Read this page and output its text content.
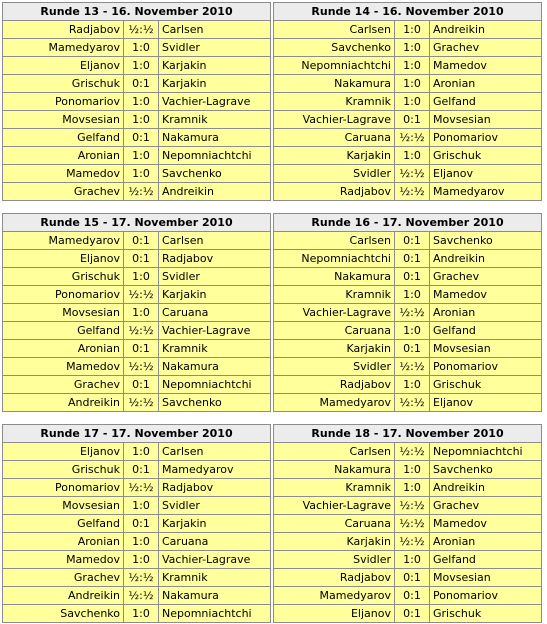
Runde 13 - 16. November 2010		
Radjabov	½:½	Carlsen
Mamedyarov	1:0	Svidler
Eljanov	1:0	Karjakin
Grischuk	0:1	Karjakin
Ponomariov	1:0	Vachier-Lagrave
Movsesian	1:0	Kramnik
Gelfand	0:1	Nakamura
Aronian	1:0	Nepomniachtchi
Mamedov	1:0	Savchenko
Grachev	½:½	Andreikin
Runde 14 - 16. November 2010		
Carlsen	1:0	Andreikin
Savchenko	1:0	Grachev
Nepomniachtchi	1:0	Mamedov
Nakamura	1:0	Aronian
Kramnik	1:0	Gelfand
Vachier-Lagrave	0:1	Movsesian
Caruana	½:½	Ponomariov
Karjakin	1:0	Grischuk
Svidler	½:½	Eljanov
Radjabov	½:½	Mamedyarov
Runde 15 - 17. November 2010		
Mamedyarov	0:1	Carlsen
Eljanov	0:1	Radjabov
Grischuk	1:0	Svidler
Ponomariov	½:½	Karjakin
Movsesian	1:0	Caruana
Gelfand	½:½	Vachier-Lagrave
Aronian	0:1	Kramnik
Mamedov	½:½	Nakamura
Grachev	0:1	Nepomniachtchi
Andreikin	½:½	Savchenko
Runde 16 - 17. November 2010		
Carlsen	0:1	Savchenko
Nepomniachtchi	0:1	Andreikin
Nakamura	0:1	Grachev
Kramnik	1:0	Mamedov
Vachier-Lagrave	½:½	Aronian
Caruana	1:0	Gelfand
Karjakin	0:1	Movsesian
Svidler	½:½	Ponomariov
Radjabov	1:0	Grischuk
Mamedyarov	½:½	Eljanov
Runde 17 - 17. November 2010		
Eljanov	1:0	Carlsen
Grischuk	0:1	Mamedyarov
Ponomariov	½:½	Radjabov
Movsesian	1:0	Svidler
Gelfand	0:1	Karjakin
Aronian	1:0	Caruana
Mamedov	1:0	Vachier-Lagrave
Grachev	½:½	Kramnik
Andreikin	½:½	Nakamura
Savchenko	1:0	Nepomniachtchi
Runde 18 - 17. November 2010		
Carlsen	½:½	Nepomniachtchi
Nakamura	1:0	Savchenko
Kramnik	1:0	Andreikin
Vachier-Lagrave	½:½	Grachev
Caruana	½:½	Mamedov
Karjakin	½:½	Aronian
Svidler	1:0	Gelfand
Radjabov	0:1	Movsesian
Mamedyarov	0:1	Ponomariov
Eljanov	0:1	Grischuk
